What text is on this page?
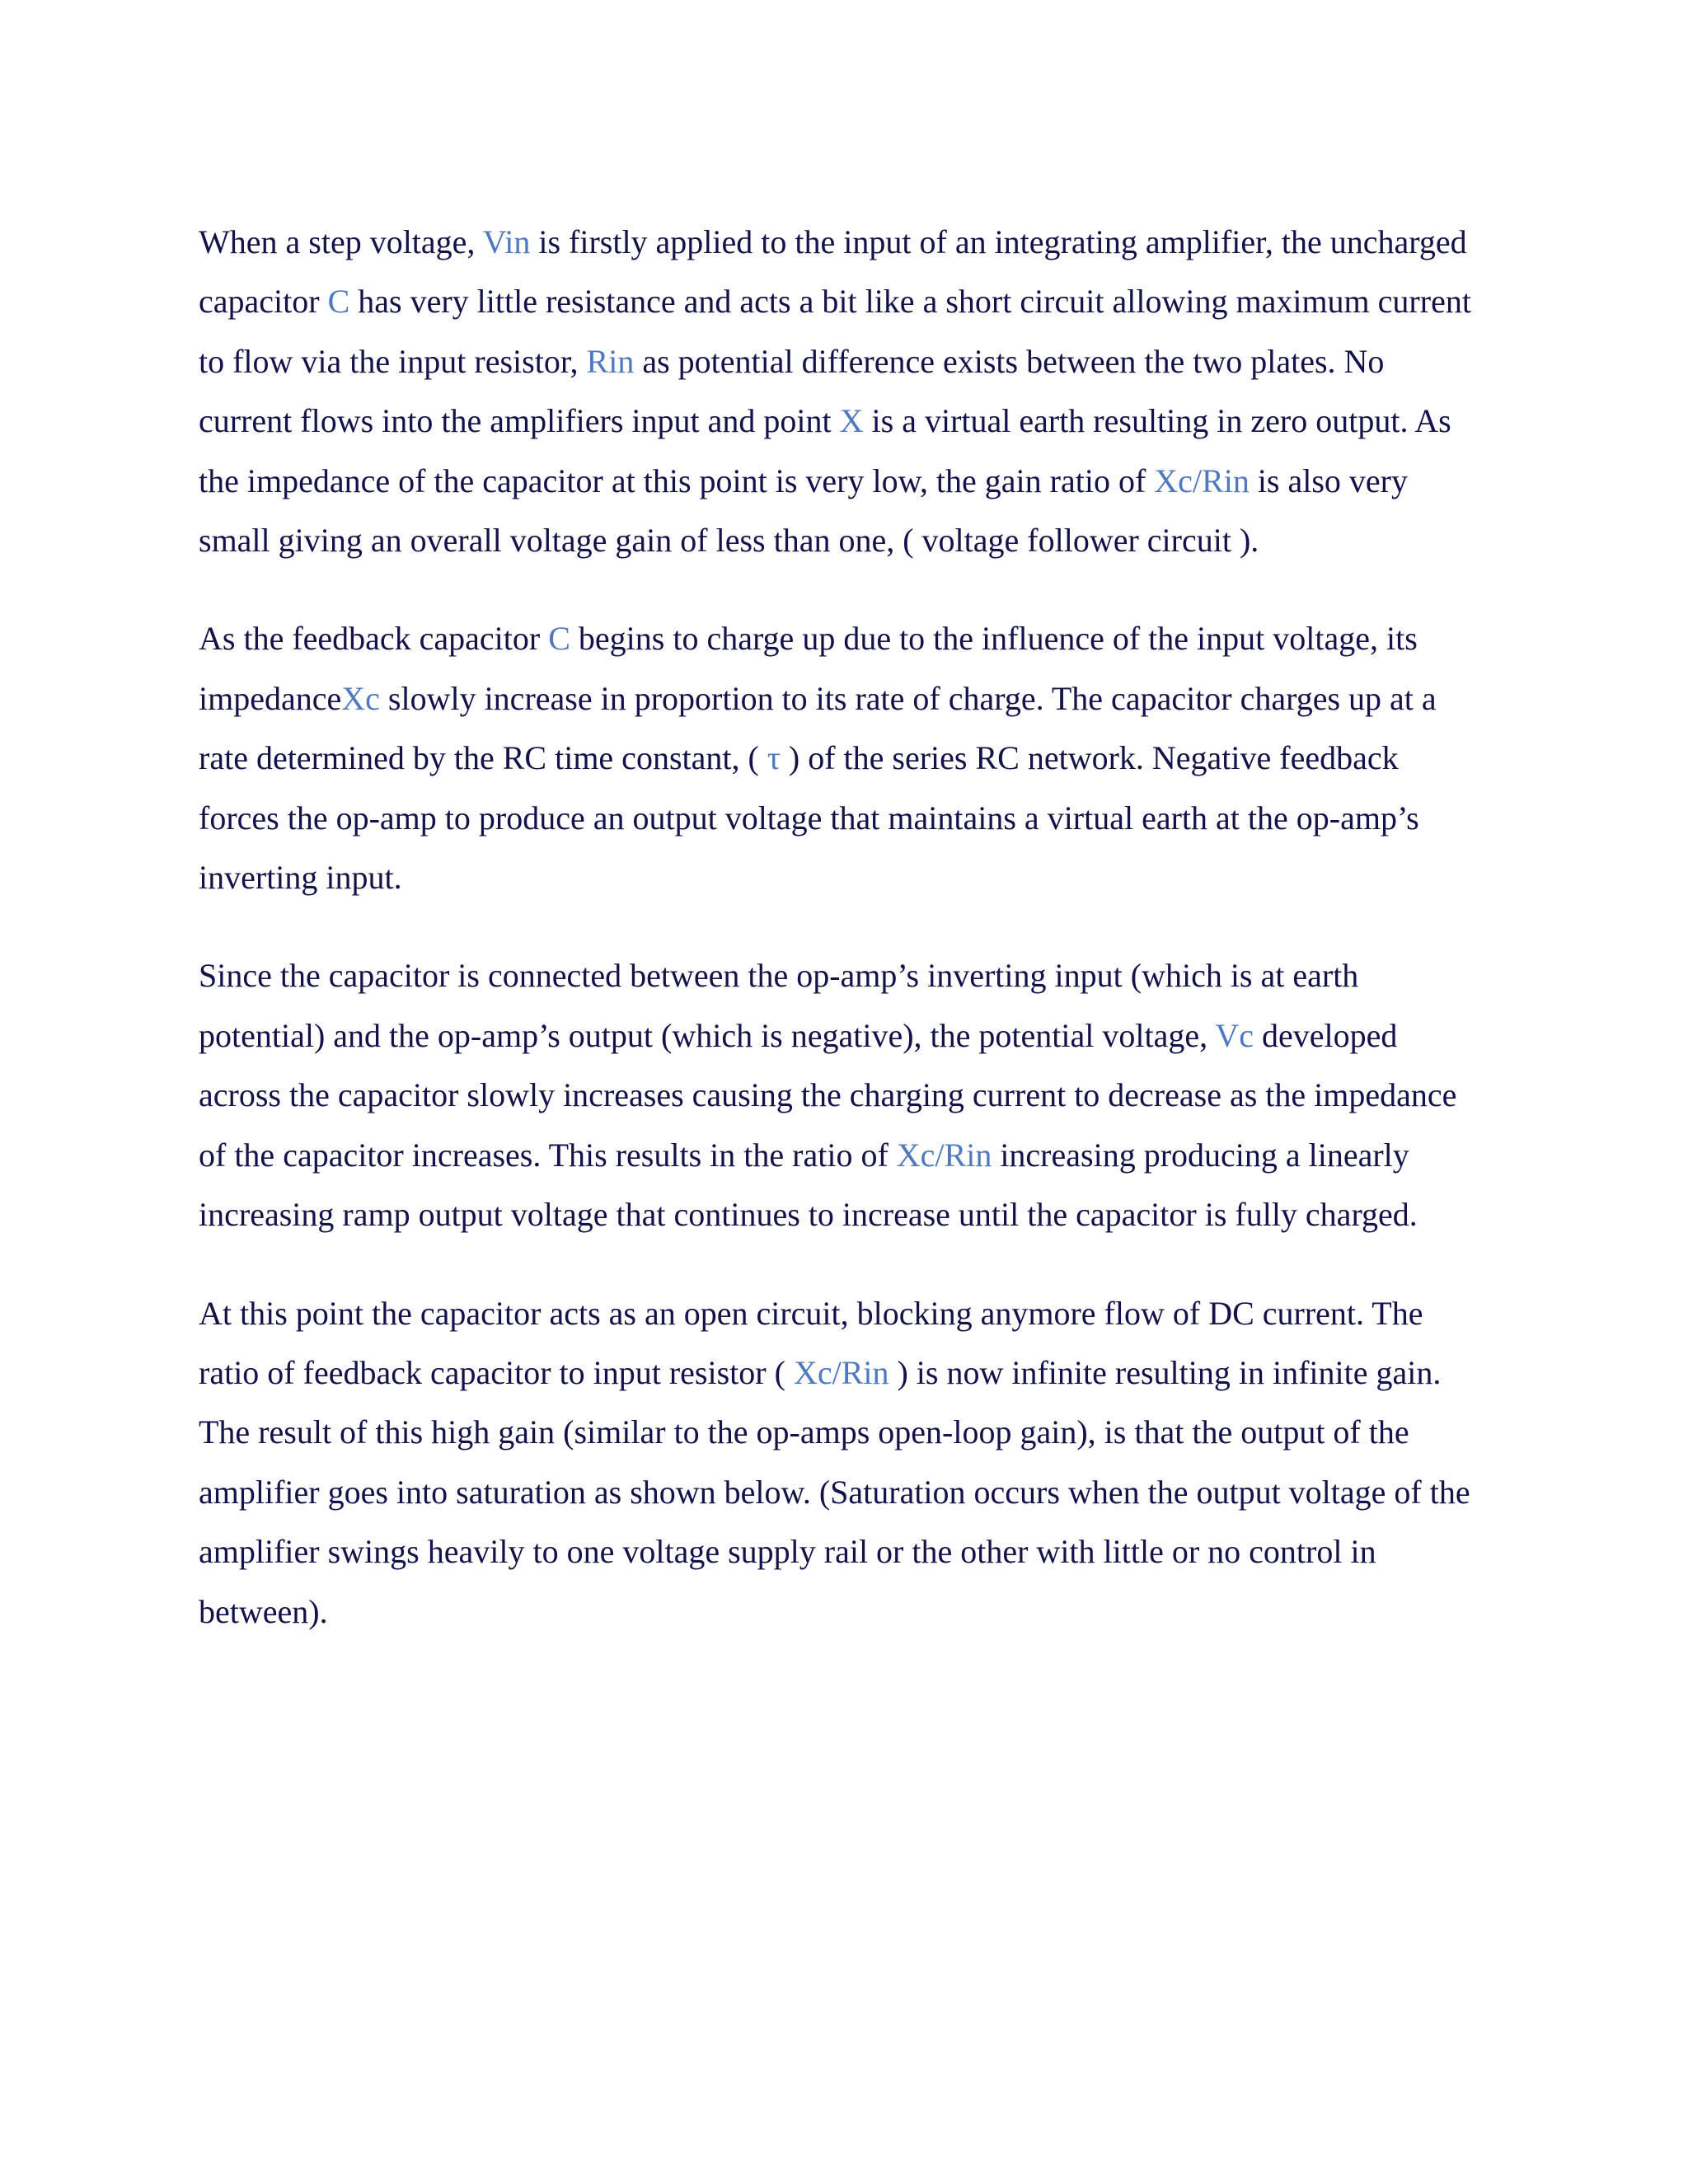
When a step voltage, Vin is firstly applied to the input of an integrating amplifier, the uncharged capacitor C has very little resistance and acts a bit like a short circuit allowing maximum current to flow via the input resistor, Rin as potential difference exists between the two plates. No current flows into the amplifiers input and point X is a virtual earth resulting in zero output. As the impedance of the capacitor at this point is very low, the gain ratio of Xc/Rin is also very small giving an overall voltage gain of less than one, ( voltage follower circuit ).

As the feedback capacitor C begins to charge up due to the influence of the input voltage, its impedanceXc slowly increase in proportion to its rate of charge. The capacitor charges up at a rate determined by the RC time constant, ( τ ) of the series RC network. Negative feedback forces the op-amp to produce an output voltage that maintains a virtual earth at the op-amp’s inverting input.

Since the capacitor is connected between the op-amp’s inverting input (which is at earth potential) and the op-amp’s output (which is negative), the potential voltage, Vc developed across the capacitor slowly increases causing the charging current to decrease as the impedance of the capacitor increases. This results in the ratio of Xc/Rin increasing producing a linearly increasing ramp output voltage that continues to increase until the capacitor is fully charged.

At this point the capacitor acts as an open circuit, blocking anymore flow of DC current. The ratio of feedback capacitor to input resistor ( Xc/Rin ) is now infinite resulting in infinite gain. The result of this high gain (similar to the op-amps open-loop gain), is that the output of the amplifier goes into saturation as shown below. (Saturation occurs when the output voltage of the amplifier swings heavily to one voltage supply rail or the other with little or no control in between).
